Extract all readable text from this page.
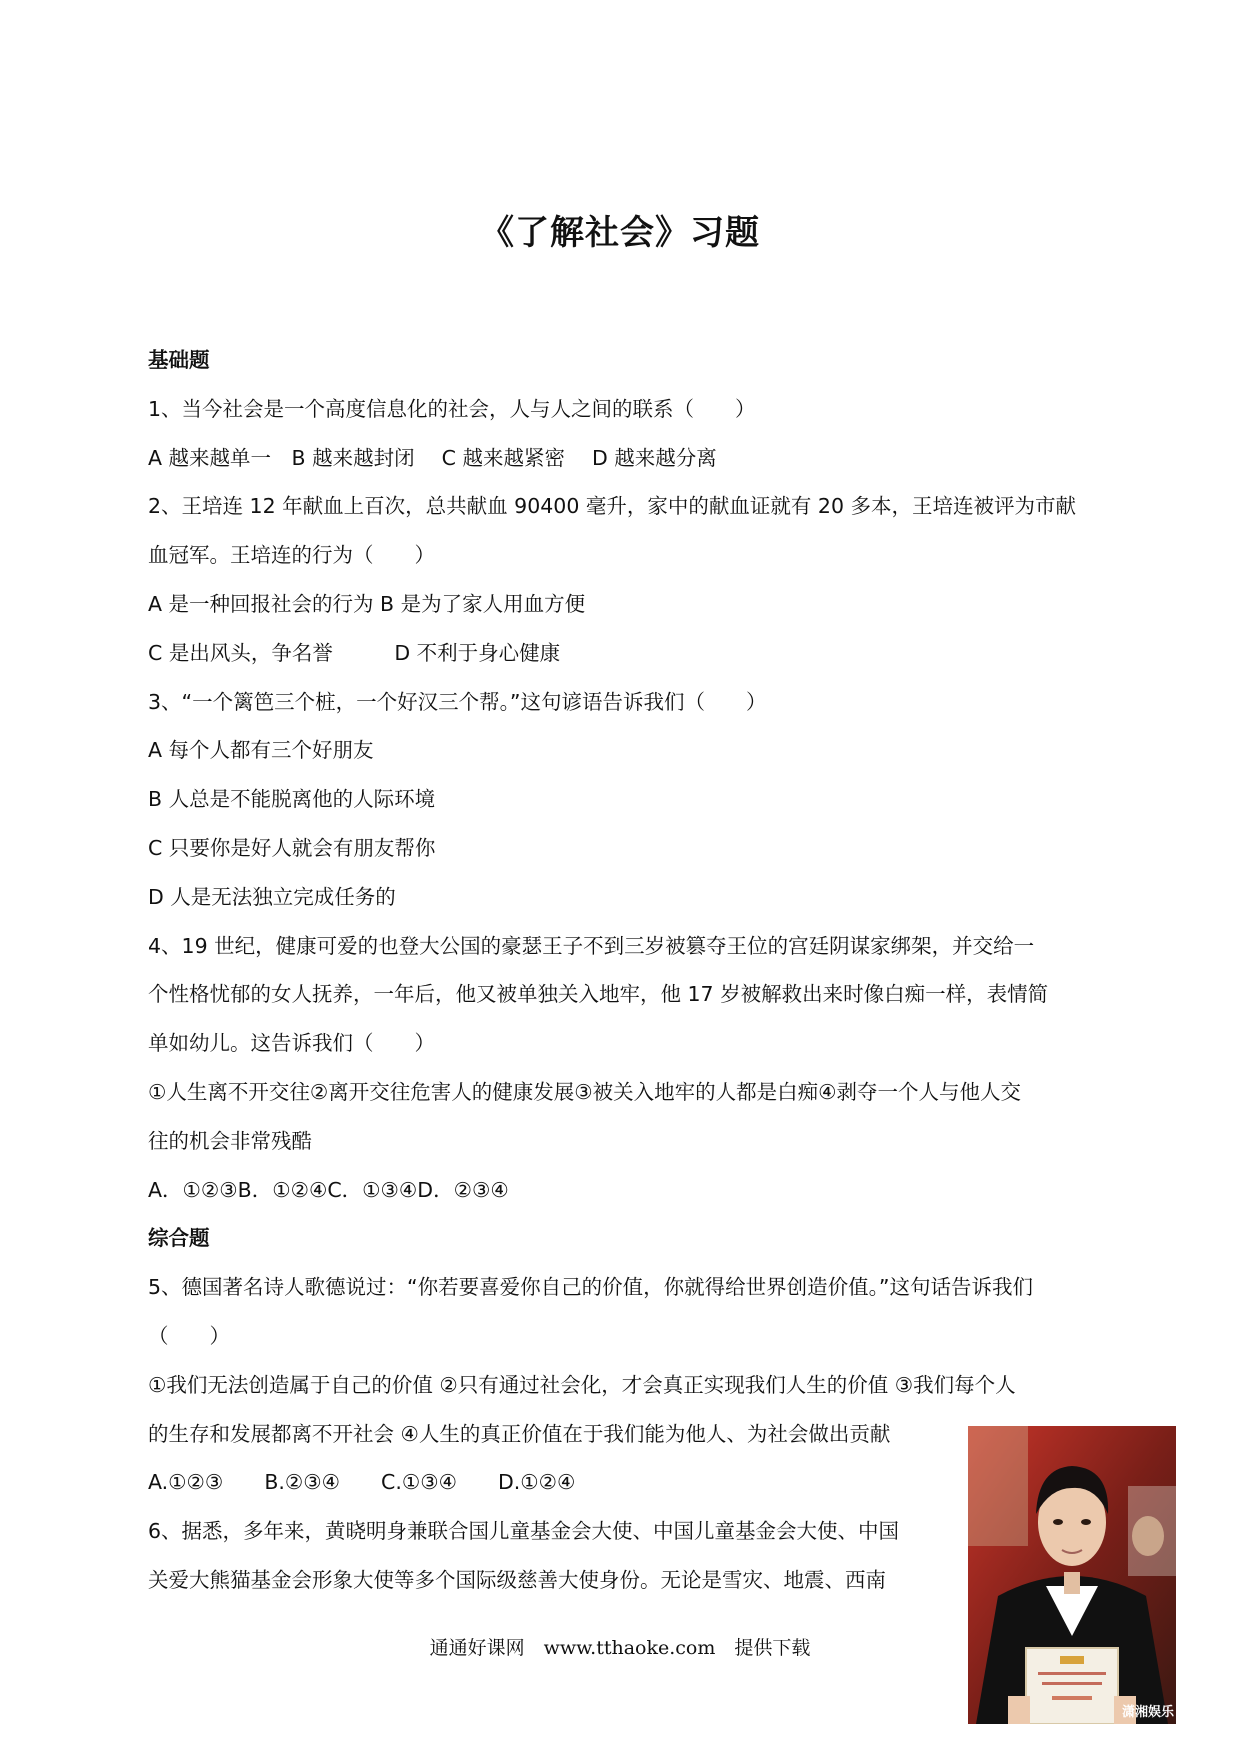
《了解社会》习题

基础题

1、当今社会是一个高度信息化的社会，人与人之间的联系（　　）

A 越来越单一　B 越来越封闭　 C 越来越紧密　 D 越来越分离

2、王培连 12 年献血上百次，总共献血 90400 毫升，家中的献血证就有 20 多本，王培连被评为市献

血冠军。王培连的行为（　　）

A 是一种回报社会的行为 B 是为了家人用血方便

C 是出风头，争名誉　　　D 不利于身心健康

3、“一个篱笆三个桩，一个好汉三个帮。”这句谚语告诉我们（　　）

A 每个人都有三个好朋友

B 人总是不能脱离他的人际环境

C 只要你是好人就会有朋友帮你

D 人是无法独立完成任务的

4、19 世纪，健康可爱的也登大公国的豪瑟王子不到三岁被篡夺王位的宫廷阴谋家绑架，并交给一

个性格忧郁的女人抚养，一年后，他又被单独关入地牢，他 17 岁被解救出来时像白痴一样，表情简

单如幼儿。这告诉我们（　　）

①人生离不开交往②离开交往危害人的健康发展③被关入地牢的人都是白痴④剥夺一个人与他人交

往的机会非常残酷

A．①②③B．①②④C．①③④D．②③④

综合题

5、德国著名诗人歌德说过：“你若要喜爱你自己的价值，你就得给世界创造价值。”这句话告诉我们

（　　）

①我们无法创造属于自己的价值 ②只有通过社会化，才会真正实现我们人生的价值 ③我们每个人

的生存和发展都离不开社会 ④人生的真正价值在于我们能为他人、为社会做出贡献

A.①②③　　B.②③④　　C.①③④　　D.①②④

6、据悉，多年来，黄晓明身兼联合国儿童基金会大使、中国儿童基金会大使、中国

关爱大熊猫基金会形象大使等多个国际级慈善大使身份。无论是雪灾、地震、西南

潇湘娱乐
通通好课网　www.tthaoke.com　提供下载
